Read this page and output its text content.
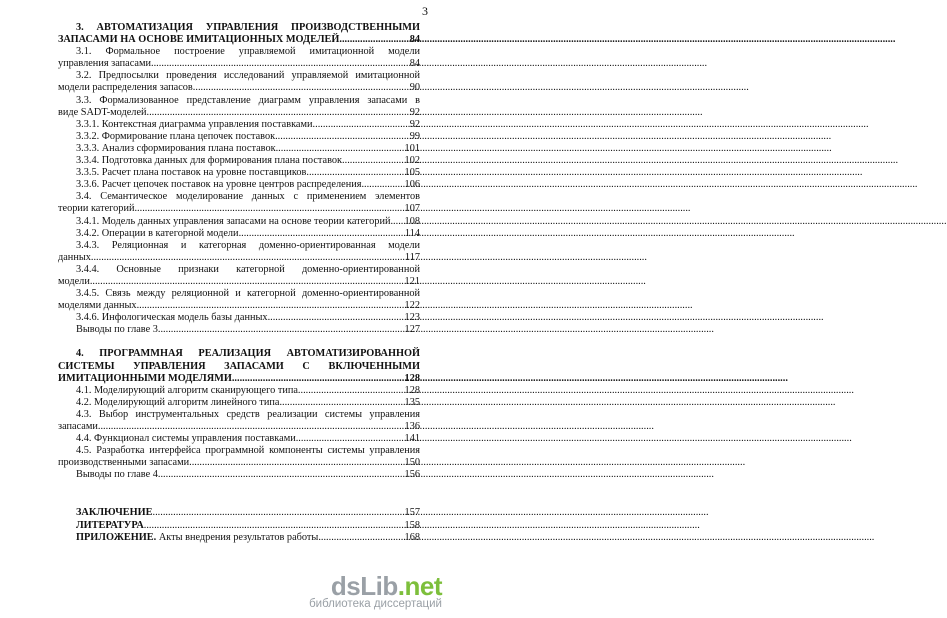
3
3. АВТОМАТИЗАЦИЯ УПРАВЛЕНИЯ ПРОИЗВОДСТВЕННЫМИ
ЗАПАСАМИ НА ОСНОВЕ ИМИТАЦИОННЫХ МОДЕЛЕЙ .....	84
3.1. Формальное построение управляемой имитационной модели
управления запасами .....	84
3.2. Предпосылки проведения исследований управляемой имитационной
модели распределения запасов .....	90
3.3. Формализованное представление диаграмм управления запасами в
виде SADT-моделей .....	92
3.3.1. Контекстная диаграмма управления поставками .....	92
3.3.2. Формирование плана цепочек поставок .....	99
3.3.3. Анализ сформирования плана поставок .....	101
3.3.4. Подготовка данных для формирования плана поставок .....	102
3.3.5. Расчет плана поставок на уровне поставщиков .....	105
3.3.6. Расчет цепочек поставок на уровне центров распределения .....	106
3.4. Семантическое моделирование данных с применением элементов
теории категорий .....	107
3.4.1. Модель данных управления запасами на основе теории категорий ..... 108
3.4.2. Операции в категорной модели .....	114
3.4.3. Реляционная и категорная доменно-ориентированная модели
данных .....	117
3.4.4. Основные признаки категорной доменно-ориентированной
модели .....	121
3.4.5. Связь между реляционной и категорной доменно-ориентированной
моделями данных .....	122
3.4.6. Инфологическая модель базы данных .....	123
Выводы по главе 3 .....	127
4. ПРОГРАММНАЯ РЕАЛИЗАЦИЯ АВТОМАТИЗИРОВАННОЙ
СИСТЕМЫ УПРАВЛЕНИЯ ЗАПАСАМИ С ВКЛЮЧЕННЫМИ
ИМИТАЦИОННЫМИ МОДЕЛЯМИ .....	128
4.1. Моделирующий алгоритм сканирующего типа .....	128
4.2. Моделирующий алгоритм линейного типа .....	135
4.3. Выбор инструментальных средств реализации системы управления
запасами .....	136
4.4. Функционал системы управления поставками .....	141
4.5. Разработка интерфейса программной компоненты системы управления
производственными запасами .....	150
Выводы по главе 4 .....	156
ЗАКЛЮЧЕНИЕ .....	157
ЛИТЕРАТУРА .....	158
ПРИЛОЖЕНИЕ. Акты внедрения результатов работы .....	168
dsLib.net
библиотека диссертаций
